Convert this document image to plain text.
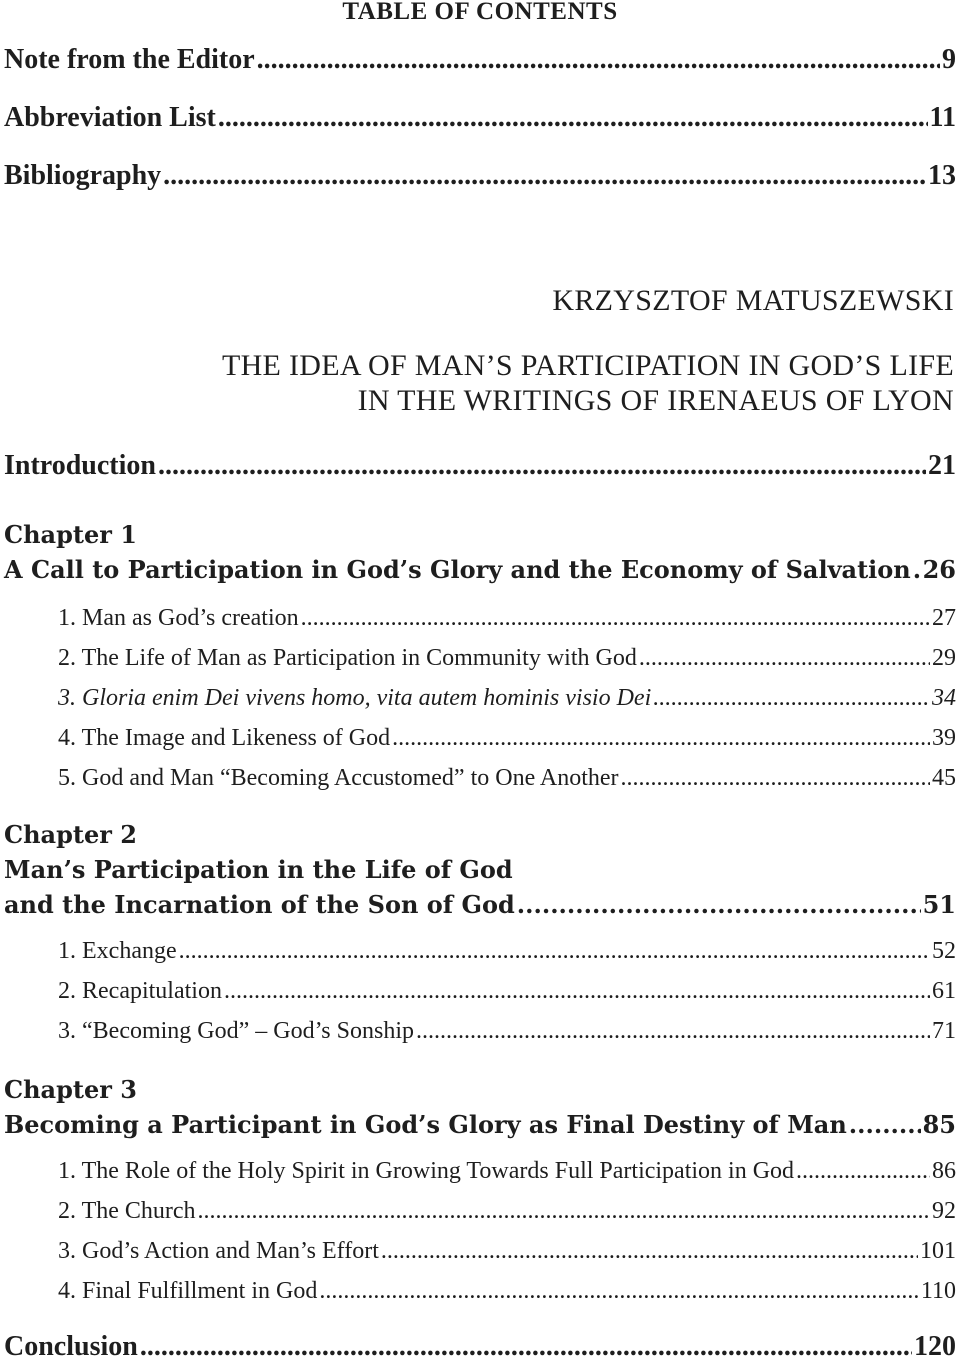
TABLE OF CONTENTS
Note from the Editor .....	9
Abbreviation List .....	11
Bibliography .....	13
KRZYSZTOF MATUSZEWSKI
THE IDEA OF MAN’S PARTICIPATION IN GOD’S LIFE
IN THE WRITINGS OF IRENAEUS OF LYON
Introduction .....	21
Chapter 1
A Call to Participation in God’s Glory and the Economy of Salvation ..... 26
1. Man as God’s creation .....	27
2. The Life of Man as Participation in Community with God .....	29
3. Gloria enim Dei vivens homo, vita autem hominis visio Dei .....	34
4. The Image and Likeness of God .....	39
5. God and Man “Becoming Accustomed” to One Another .....	45
Chapter 2
Man’s Participation in the Life of God
and the Incarnation of the Son of God .....	51
1. Exchange .....	52
2. Recapitulation .....	61
3. “Becoming God” – God’s Sonship .....	71
Chapter 3
Becoming a Participant in God’s Glory as Final Destiny of Man .....	85
1. The Role of the Holy Spirit in Growing Towards Full Participation in God .....	86
2. The Church .....	92
3. God’s Action and Man’s Effort .....	101
4. Final Fulfillment in God .....	110
Conclusion .....	120
